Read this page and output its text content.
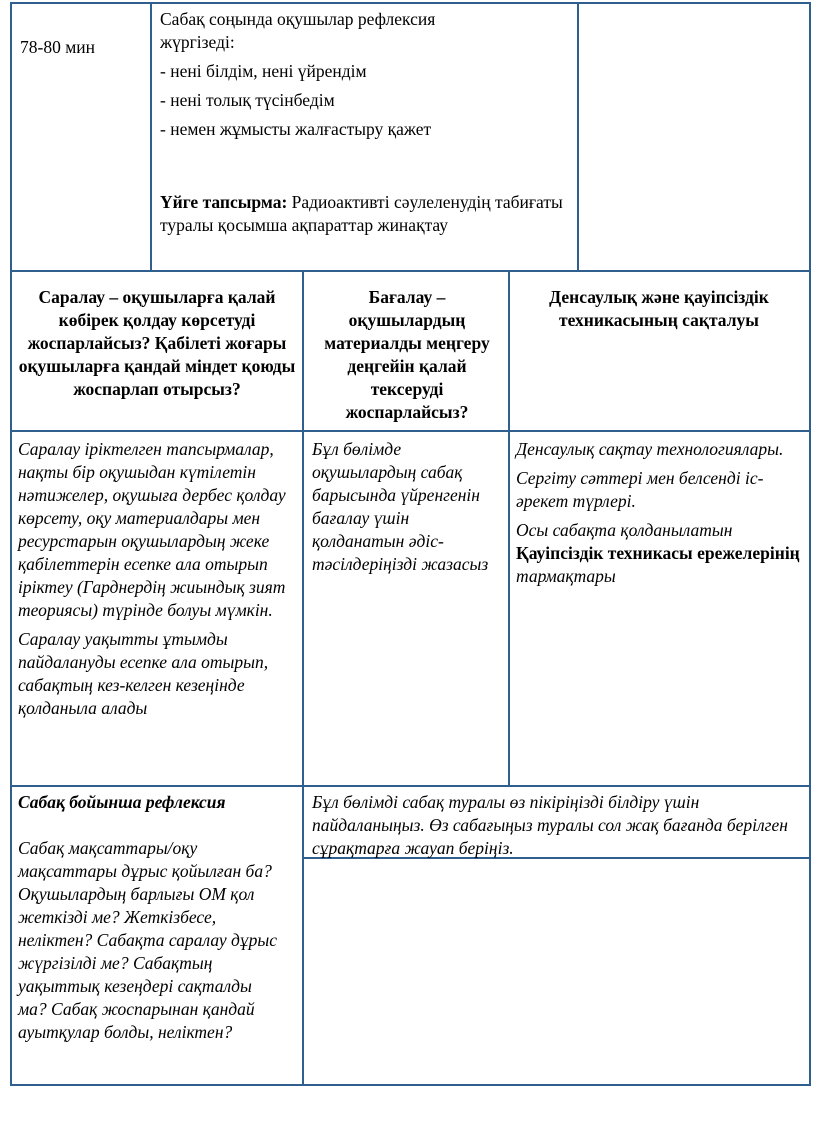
78-80 мин

Сабақ соңында оқушылар рефлексия жүргізеді:

- нені білдім, нені үйрендім

- нені толық түсінбедім

- немен жұмысты жалғастыру қажет

Үйге тапсырма: Радиоактивті сәулеленудің табиғаты туралы қосымша ақпараттар жинақтау

Саралау – оқушыларға қалай көбірек қолдау көрсетуді жоспарлайсыз? Қабілеті жоғары оқушыларға қандай міндет қоюды жоспарлап отырсыз?
Бағалау – оқушылардың материалды меңгеру деңгейін қалай тексеруді жоспарлайсыз?
Денсаулық және қауіпсіздік техникасының сақталуы

Саралау іріктелген тапсырмалар, нақты бір оқушыдан күтілетін нәтижелер, оқушыға дербес қолдау көрсету, оқу материалдары мен ресурстарын оқушылардың жеке қабілеттерін есепке ала отырып іріктеу (Гарднердің жиындық зият теориясы) түрінде болуы мүмкін.

Саралау уақытты ұтымды пайдалануды есепке ала отырып, сабақтың кез-келген кезеңінде қолданыла алады

Бұл бөлімде оқушылардың сабақ барысында үйренгенін бағалау үшін қолданатын әдіс-тәсілдеріңізді жазасыз

Денсаулық сақтау технологиялары.

Сергіту сәттері мен белсенді іс-әрекет түрлері.

Осы сабақта қолданылатын Қауіпсіздік техникасы ережелерінің тармақтары

Сабақ бойынша рефлексия

Сабақ мақсаттары/оқу мақсаттары дұрыс қойылған ба? Оқушылардың барлығы ОМ қол жеткізді ме? Жеткізбесе, неліктен? Сабақта саралау дұрыс жүргізілді ме? Сабақтың уақыттық кезеңдері сақталды ма? Сабақ жоспарынан қандай ауытқулар болды, неліктен?

Бұл бөлімді сабақ туралы өз пікіріңізді білдіру үшін пайдаланыңыз. Өз сабағыңыз туралы сол жақ бағанда берілген сұрақтарға жауап беріңіз.
